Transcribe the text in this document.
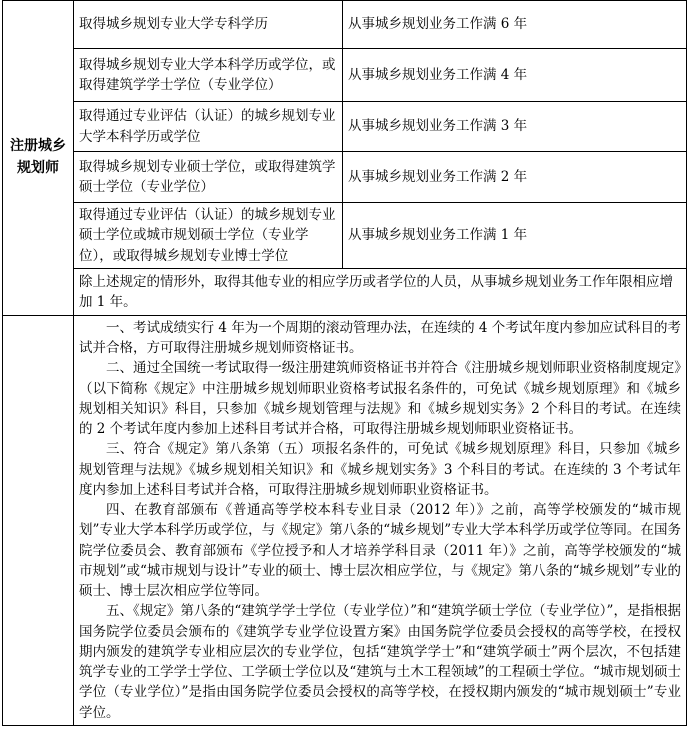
注册城乡规划师	取得城乡规划专业大学专科学历	从事城乡规划业务工作满 6 年
	取得城乡规划专业大学本科学历或学位，或取得建筑学学士学位（专业学位）	从事城乡规划业务工作满 4 年
	取得通过专业评估（认证）的城乡规划专业大学本科学历或学位	从事城乡规划业务工作满 3 年
	取得城乡规划专业硕士学位，或取得建筑学硕士学位（专业学位）	从事城乡规划业务工作满 2 年
	取得通过专业评估（认证）的城乡规划专业硕士学位或城市规划硕士学位（专业学位），或取得城乡规划专业博士学位	从事城乡规划业务工作满 1 年
	除上述规定的情形外，取得其他专业的相应学历或者学位的人员，从事城乡规划业务工作年限相应增加 1 年。	

	一、考试成绩实行 4 年为一个周期的滚动管理办法，在连续的 4 个考试年度内参加应试科目的考试并合格，方可取得注册城乡规划师资格证书。

二、通过全国统一考试取得一级注册建筑师资格证书并符合《注册城乡规划师职业资格制度规定》（以下简称《规定》中注册城乡规划师职业资格考试报名条件的，可免试《城乡规划原理》和《城乡规划相关知识》科目，只参加《城乡规划管理与法规》和《城乡规划实务》2 个科目的考试。在连续的 2 个考试年度内参加上述科目考试并合格，可取得注册城乡规划师职业资格证书。

三、符合《规定》第八条第（五）项报名条件的，可免试《城乡规划原理》科目，只参加《城乡规划管理与法规》《城乡规划相关知识》和《城乡规划实务》3 个科目的考试。在连续的 3 个考试年度内参加上述科目考试并合格，可取得注册城乡规划师职业资格证书。

四、在教育部颁布《普通高等学校本科专业目录（2012 年）》之前，高等学校颁发的“城市规划”专业大学本科学历或学位，与《规定》第八条的“城乡规划”专业大学本科学历或学位等同。在国务院学位委员会、教育部颁布《学位授予和人才培养学科目录（2011 年）》之前，高等学校颁发的“城市规划”或“城市规划与设计”专业的硕士、博士层次相应学位，与《规定》第八条的“城乡规划”专业的硕士、博士层次相应学位等同。

五、《规定》第八条的“建筑学学士学位（专业学位）”和“建筑学硕士学位（专业学位）”，是指根据国务院学位委员会颁布的《建筑学专业学位设置方案》由国务院学位委员会授权的高等学校，在授权期内颁发的建筑学专业相应层次的专业学位，包括“建筑学学士”和“建筑学硕士”两个层次，不包括建筑学专业的工学学士学位、工学硕士学位以及“建筑与土木工程领域”的工程硕士学位。“城市规划硕士学位（专业学位）”是指由国务院学位委员会授权的高等学校，在授权期内颁发的“城市规划硕士”专业学位。	
